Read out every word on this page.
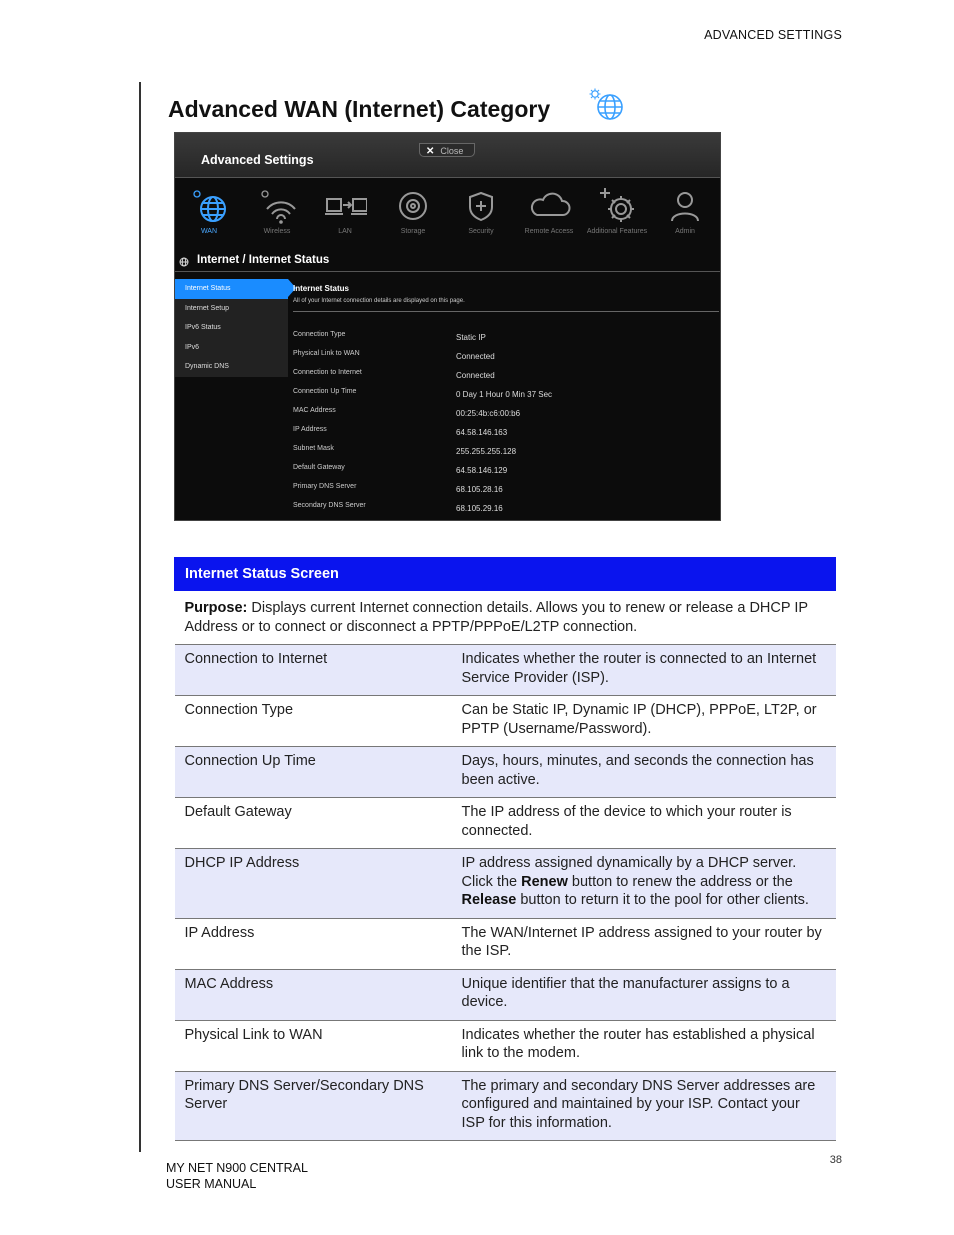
ADVANCED SETTINGS
Advanced WAN (Internet) Category
Advanced Settings
✕ Close
WAN	Wireless	LAN	Storage	Security	Remote Access	Additional Features	Admin
Internet / Internet Status
Internet Status
Internet Setup
IPv6 Status
IPv6
Dynamic DNS
Internet Status
All of your Internet connection details are displayed on this page.
Connection Type	Static IP
Physical Link to WAN	Connected
Connection to Internet	Connected
Connection Up Time	0 Day 1 Hour 0 Min 37 Sec
MAC Address	00:25:4b:c6:00:b6
IP Address	64.58.146.163
Subnet Mask	255.255.255.128
Default Gateway	64.58.146.129
Primary DNS Server	68.105.28.16
Secondary DNS Server	68.105.29.16
Internet Status Screen	
Purpose: Displays current Internet connection details. Allows you to renew or release a DHCP IP Address or to connect or disconnect a PPTP/PPPoE/L2TP connection.	
Connection to Internet	Indicates whether the router is connected to an Internet Service Provider (ISP).
Connection Type	Can be Static IP, Dynamic IP (DHCP), PPPoE, LT2P, or PPTP (Username/Password).
Connection Up Time	Days, hours, minutes, and seconds the connection has been active.
Default Gateway	The IP address of the device to which your router is connected.
DHCP IP Address	IP address assigned dynamically by a DHCP server. Click the Renew button to renew the address or the Release button to return it to the pool for other clients.
IP Address	The WAN/Internet IP address assigned to your router by the ISP.
MAC Address	Unique identifier that the manufacturer assigns to a device.
Physical Link to WAN	Indicates whether the router has established a physical link to the modem.
Primary DNS Server/Secondary DNS Server	The primary and secondary DNS Server addresses are configured and maintained by your ISP. Contact your ISP for this information.
MY NET N900 CENTRAL
USER MANUAL
38
